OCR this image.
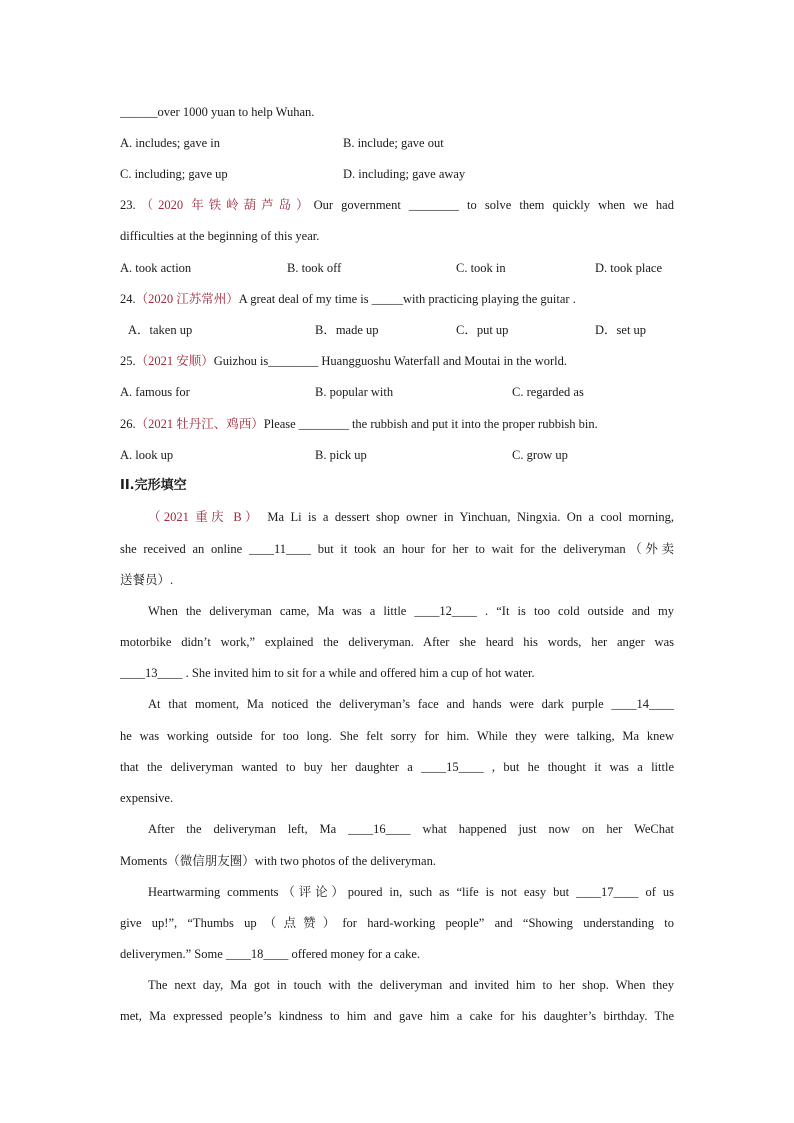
______over 1000 yuan to help Wuhan.
A. includes; gave in	B. include; gave out
C. including; gave up	D. including; gave away
23.（2020 年铁岭葫芦岛）Our government ________ to solve them quickly when we had
difficulties at the beginning of this year.
A. took action	B. took off	C. took in	D. took place
24.（2020 江苏常州）A great deal of my time is _____with practicing playing the guitar .
A．taken up	B．made up	C．put up	D．set up
25.（2021 安顺）Guizhou is________ Huangguoshu Waterfall and Moutai in the world.
A. famous for	B. popular with	C. regarded as
26.（2021 牡丹江、鸡西）Please ________ the rubbish and put it into the proper rubbish bin.
A. look up	B. pick up	C. grow up
II.完形填空
（2021 重庆 B） Ma Li is a dessert shop owner in Yinchuan, Ningxia. On a cool morning,
she received an online ____11____ but it took an hour for her to wait for the deliveryman（外卖
送餐员）.
When the deliveryman came, Ma was a little ____12____ . “It is too cold outside and my
motorbike didn’t work,” explained the deliveryman. After she heard his words, her anger was
____13____ . She invited him to sit for a while and offered him a cup of hot water.
At that moment, Ma noticed the deliveryman’s face and hands were dark purple ____14____
he was working outside for too long. She felt sorry for him. While they were talking, Ma knew
that the deliveryman wanted to buy her daughter a ____15____ , but he thought it was a little
expensive.
After the deliveryman left, Ma ____16____ what happened just now on her WeChat
Moments（微信朋友圈）with two photos of the deliveryman.
Heartwarming comments（评论）poured in, such as “life is not easy but ____17____ of us
give up!”, “Thumbs up（点赞）for hard-working people” and “Showing understanding to
deliverymen.” Some ____18____ offered money for a cake.
The next day, Ma got in touch with the deliveryman and invited him to her shop. When they
met, Ma expressed people’s kindness to him and gave him a cake for his daughter’s birthday. The
